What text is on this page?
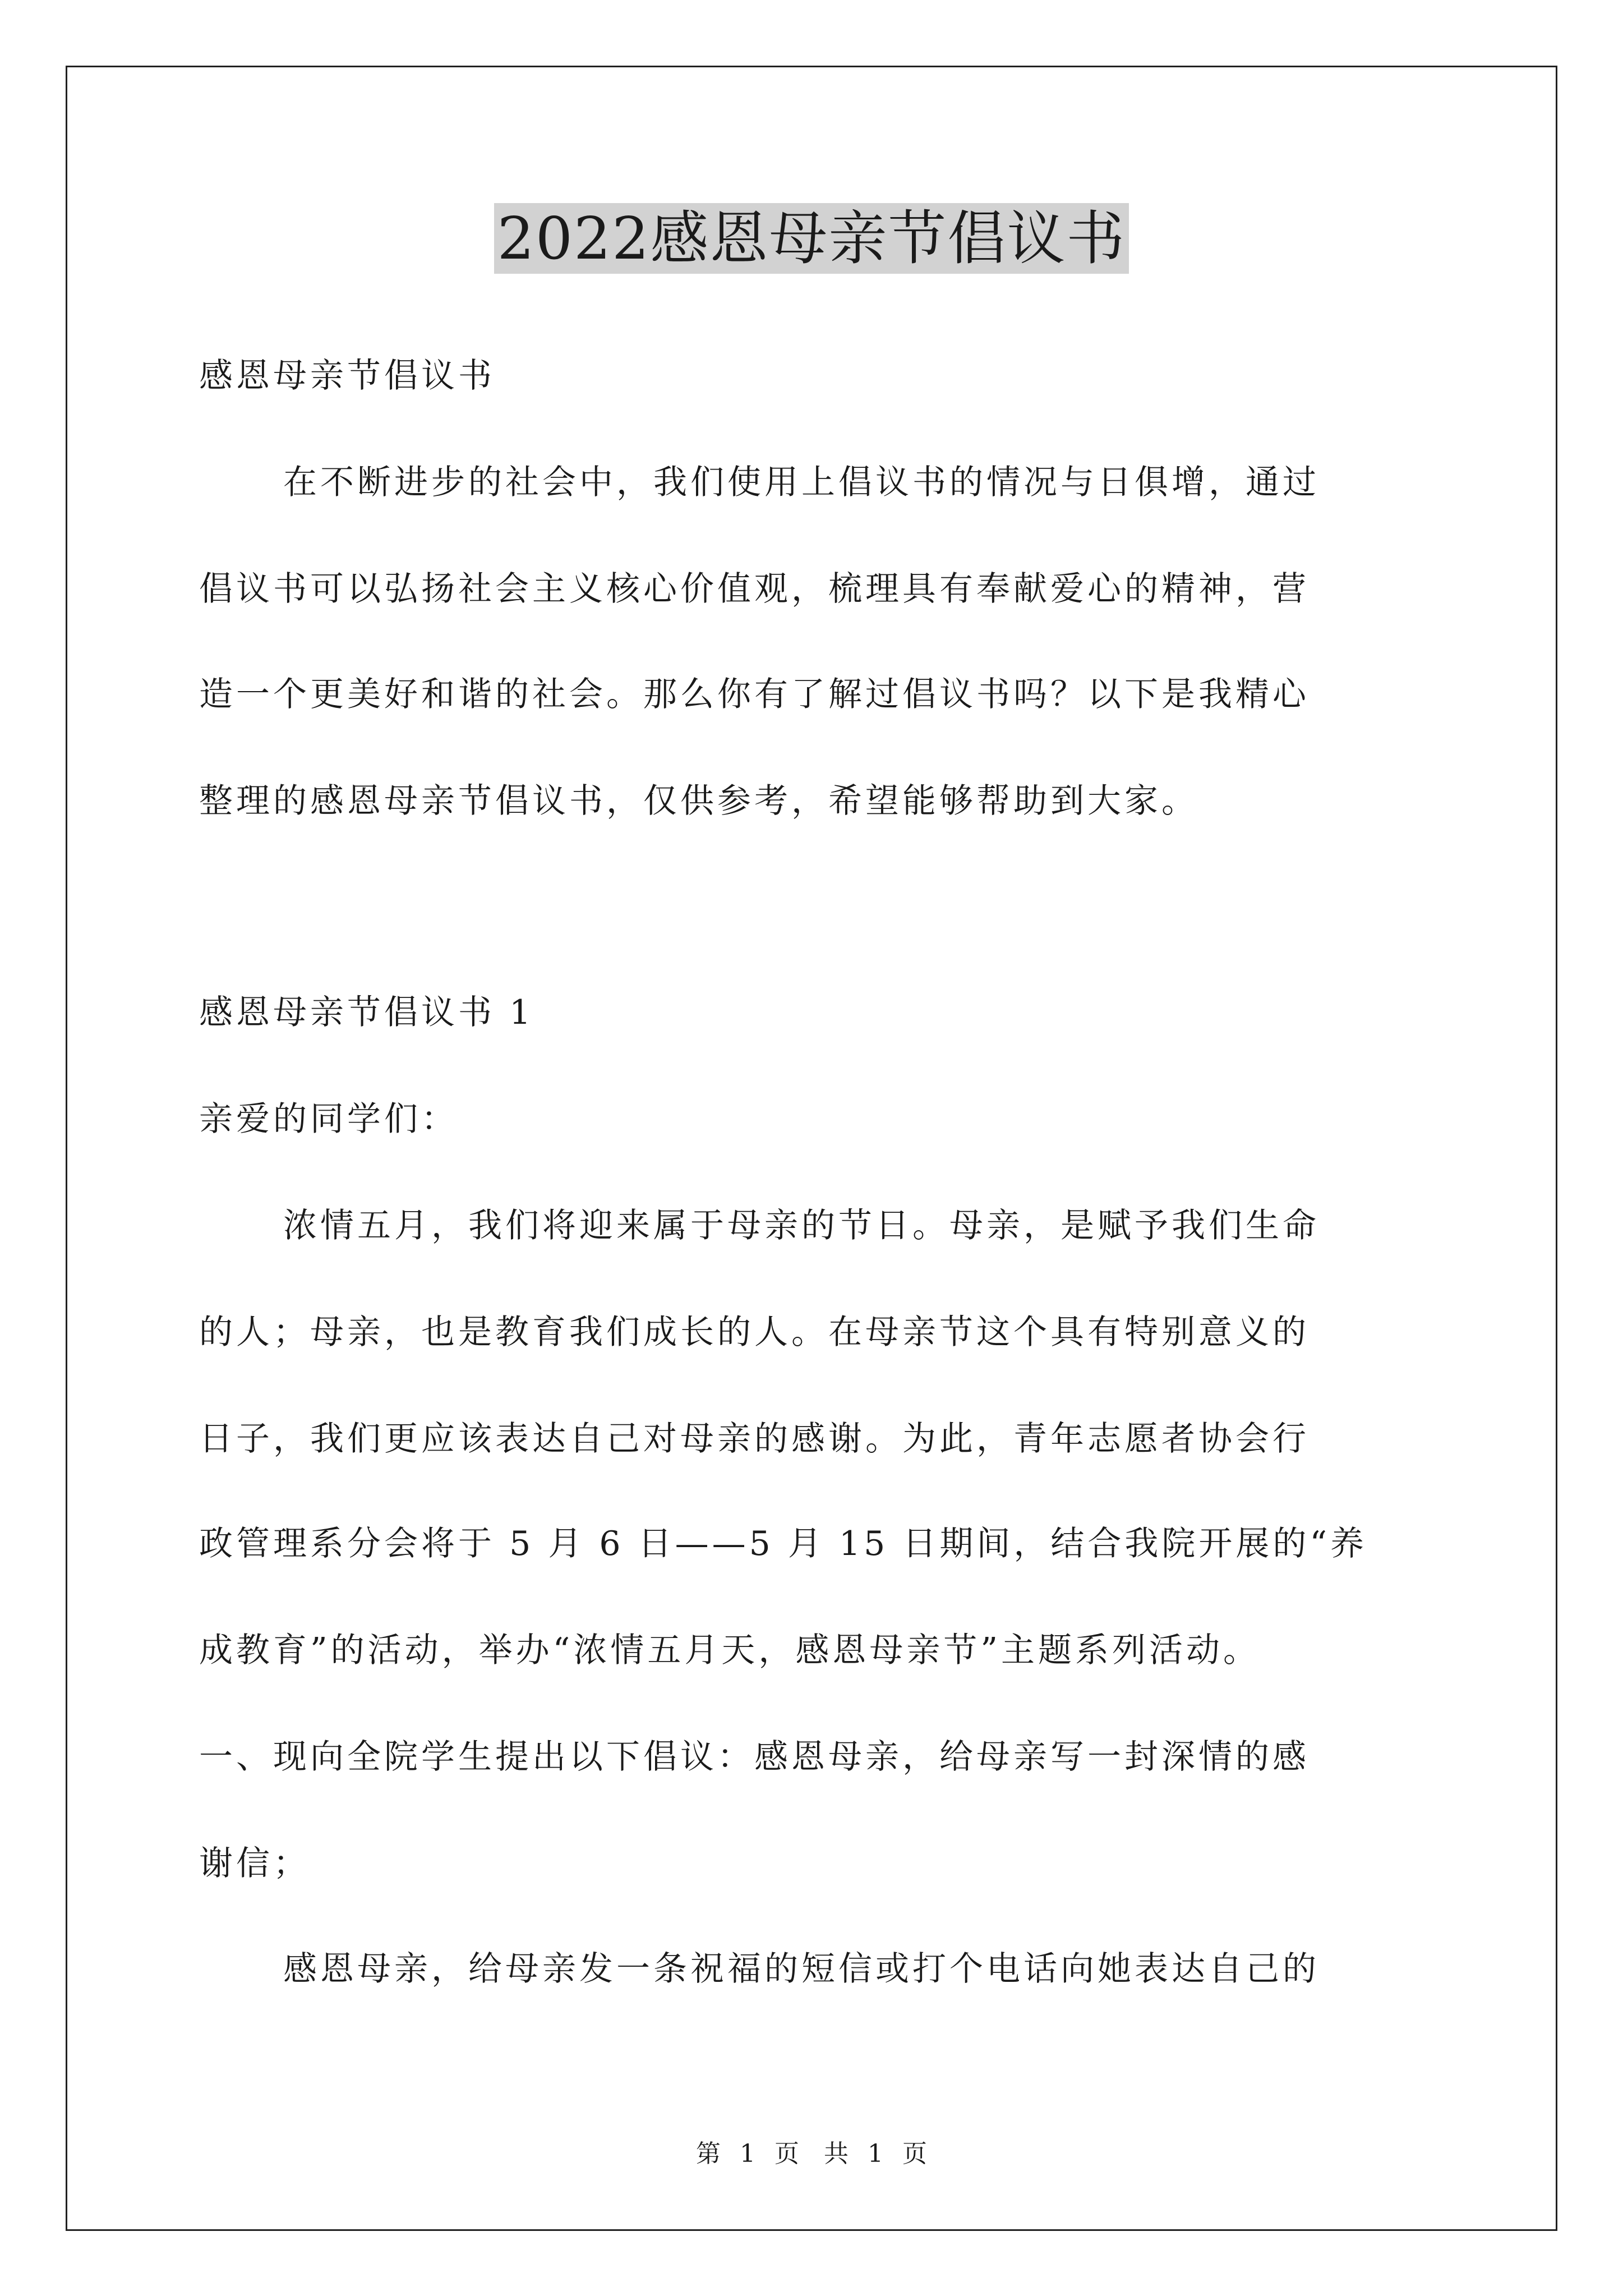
2022感恩母亲节倡议书
感恩母亲节倡议书
在不断进步的社会中，我们使用上倡议书的情况与日俱增，通过
倡议书可以弘扬社会主义核心价值观，梳理具有奉献爱心的精神，营
造一个更美好和谐的社会。那么你有了解过倡议书吗？以下是我精心
整理的感恩母亲节倡议书，仅供参考，希望能够帮助到大家。
感恩母亲节倡议书 1
亲爱的同学们：
浓情五月，我们将迎来属于母亲的节日。母亲，是赋予我们生命
的人；母亲，也是教育我们成长的人。在母亲节这个具有特别意义的
日子，我们更应该表达自己对母亲的感谢。为此，青年志愿者协会行
政管理系分会将于 5 月 6 日——5 月 15 日期间，结合我院开展的“养
成教育”的活动，举办“浓情五月天，感恩母亲节”主题系列活动。
一、现向全院学生提出以下倡议：感恩母亲，给母亲写一封深情的感
谢信；
感恩母亲，给母亲发一条祝福的短信或打个电话向她表达自己的
第 1 页　共 1 页
